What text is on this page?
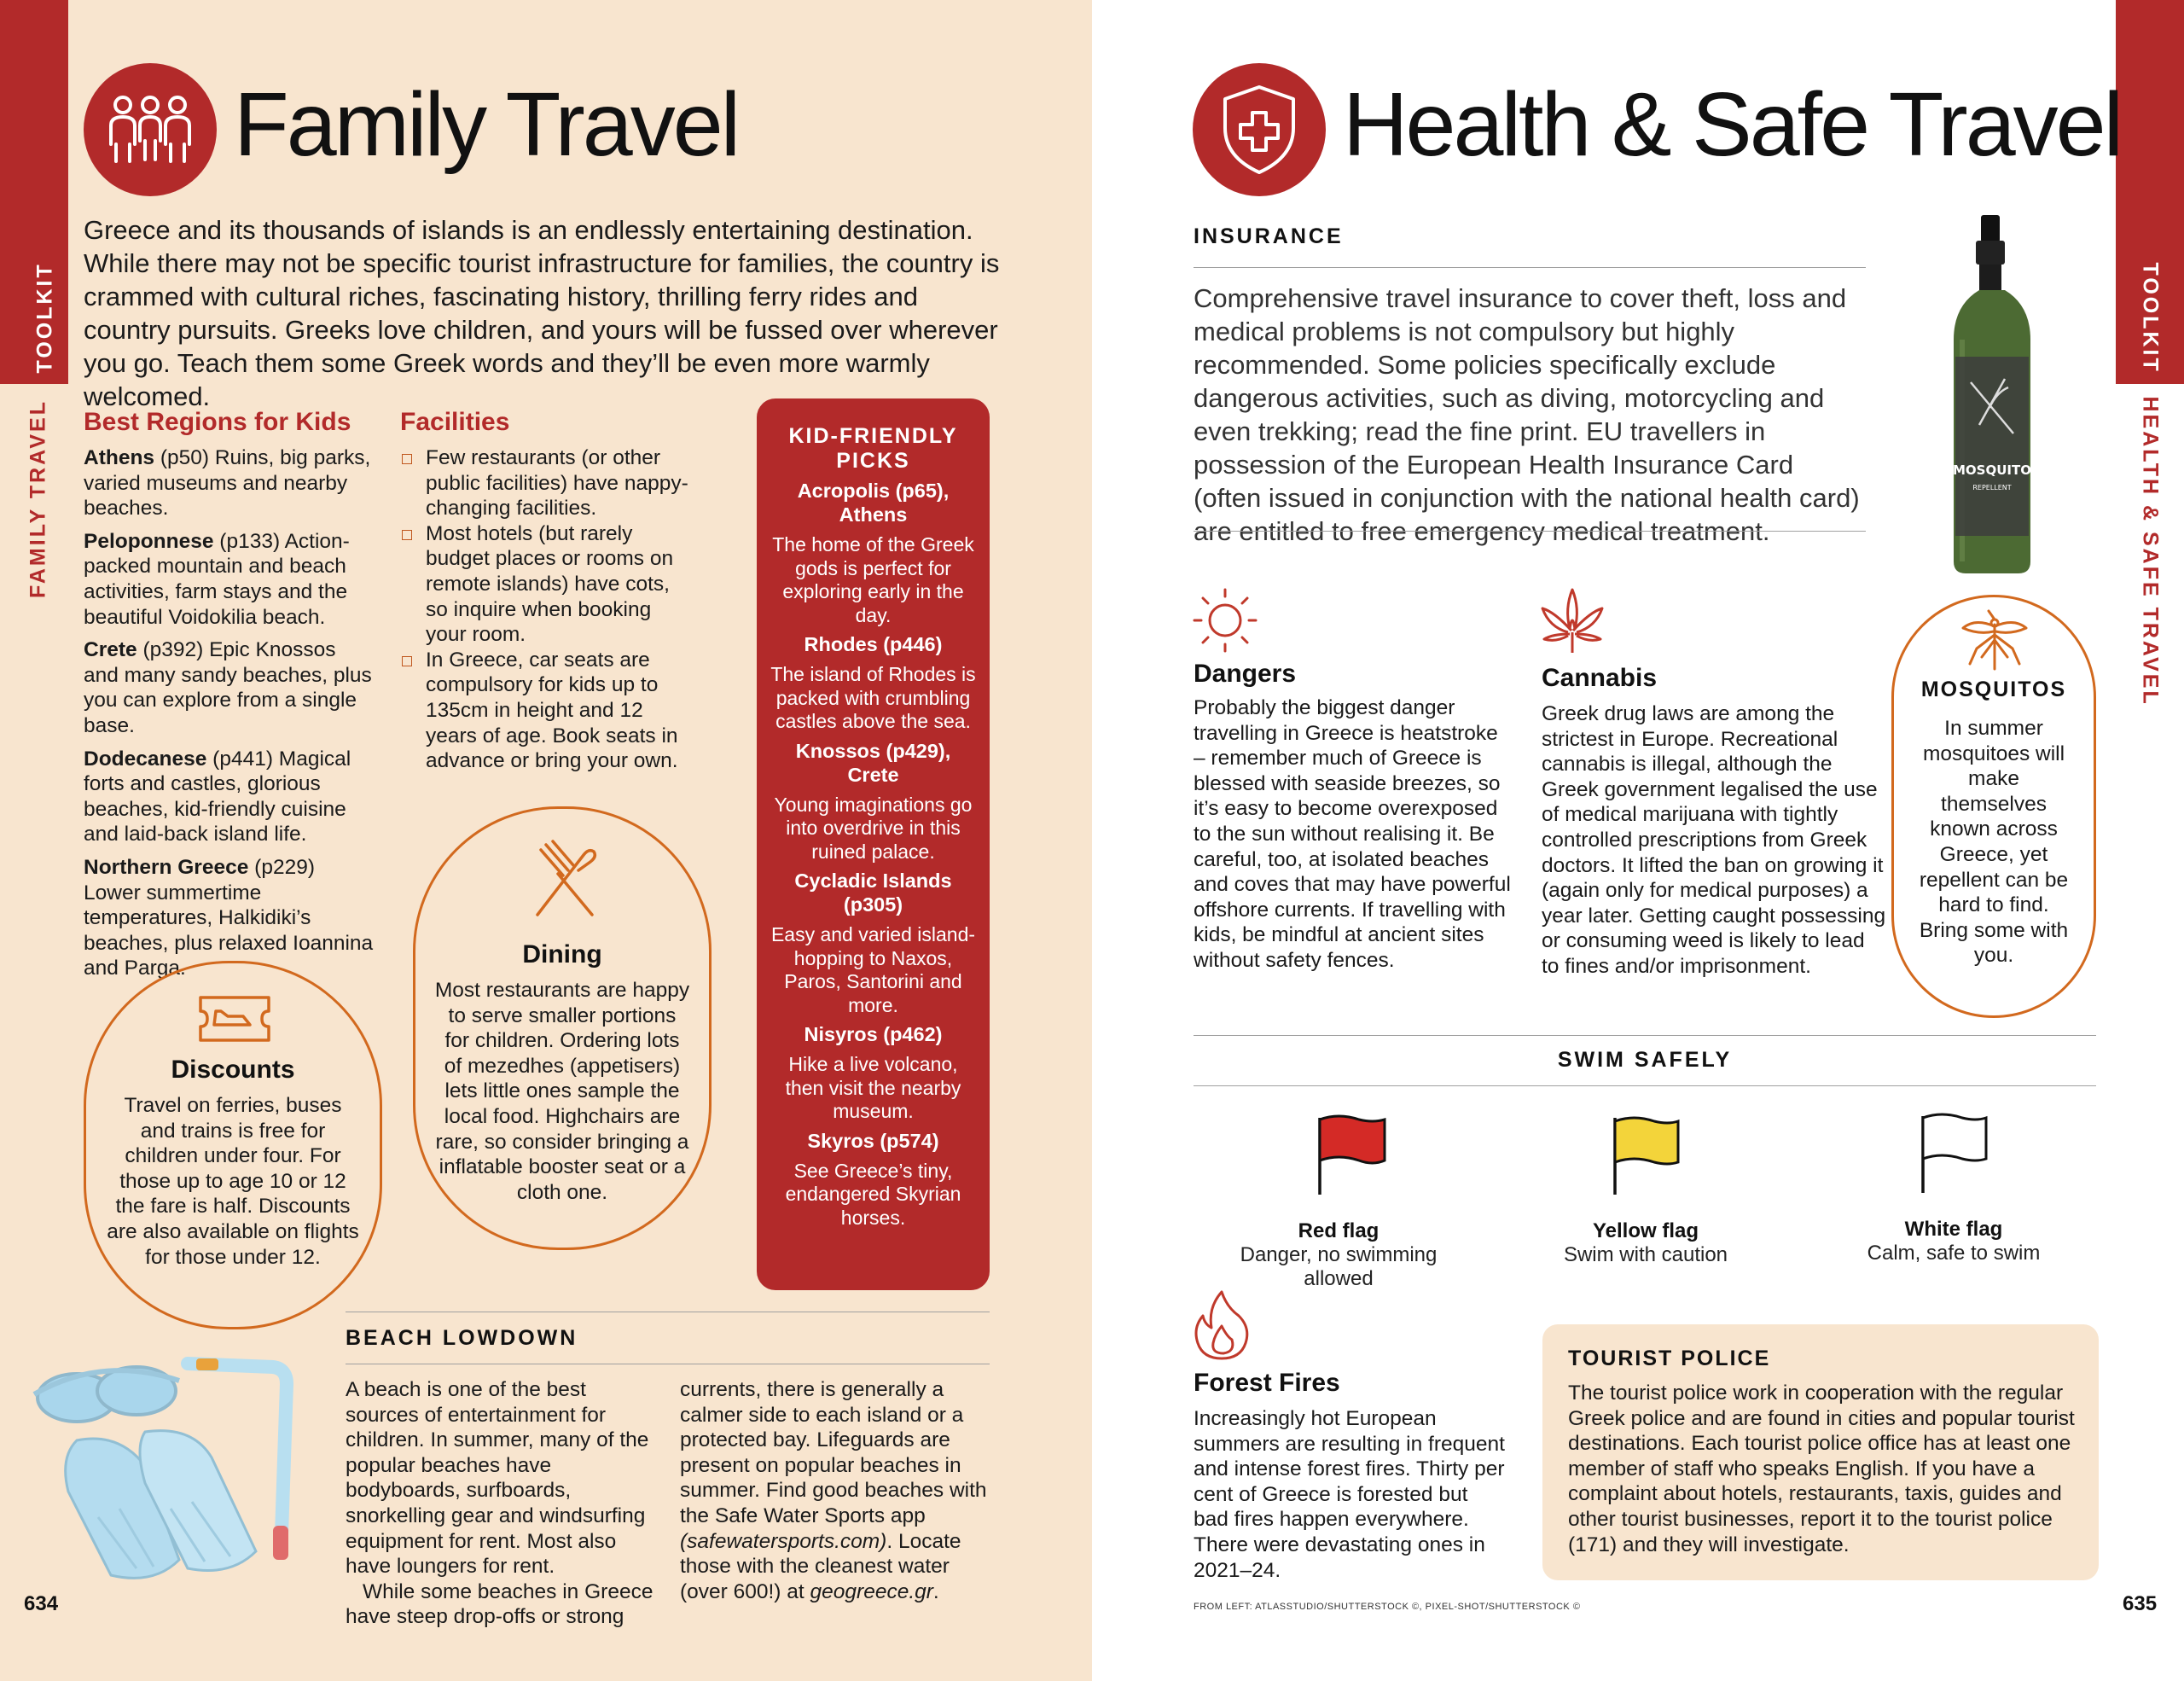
TOOLKIT
FAMILY TRAVEL
Family Travel
Greece and its thousands of islands is an endlessly entertaining destination. While there may not be specific tourist infrastructure for families, the country is crammed with cultural riches, fascinating history, thrilling ferry rides and country pursuits. Greeks love children, and yours will be fussed over wherever you go. Teach them some Greek words and they’ll be even more warmly welcomed.
Best Regions for Kids
Athens (p50) Ruins, big parks, varied museums and nearby beaches.
Peloponnese (p133) Action-packed mountain and beach activities, farm stays and the beautiful Voidokilia beach.
Crete (p392) Epic Knossos and many sandy beaches, plus you can explore from a single base.
Dodecanese (p441) Magical forts and castles, glorious beaches, kid-friendly cuisine and laid-back island life.
Northern Greece (p229) Lower summertime temperatures, Halkidiki’s beaches, plus relaxed Ioannina and Parga.
Facilities
Few restaurants (or other public facilities) have nappy-changing facilities.
Most hotels (but rarely budget places or rooms on remote islands) have cots, so inquire when booking your room.
In Greece, car seats are compulsory for kids up to 135cm in height and 12 years of age. Book seats in advance or bring your own.
KID-FRIENDLY PICKS
Acropolis (p65), Athens
The home of the Greek gods is perfect for exploring early in the day.
Rhodes (p446)
The island of Rhodes is packed with crumbling castles above the sea.
Knossos (p429), Crete
Young imaginations go into overdrive in this ruined palace.
Cycladic Islands (p305)
Easy and varied island-hopping to Naxos, Paros, Santorini and more.
Nisyros (p462)
Hike a live volcano, then visit the nearby museum.
Skyros (p574)
See Greece’s tiny, endangered Skyrian horses.
Dining
Most restaurants are happy to serve smaller portions for children. Ordering lots of mezedhes (appetisers) lets little ones sample the local food. Highchairs are rare, so consider bringing a inflatable booster seat or a cloth one.
Discounts
Travel on ferries, buses and trains is free for children under four. For those up to age 10 or 12 the fare is half. Discounts are also available on flights for those under 12.
BEACH LOWDOWN
A beach is one of the best sources of entertainment for children. In summer, many of the popular beaches have bodyboards, surfboards, snorkelling gear and windsurfing equipment for rent. Most also have loungers for rent.
While some beaches in Greece have steep drop-offs or strong
currents, there is generally a calmer side to each island or a protected bay. Lifeguards are present on popular beaches in summer. Find good beaches with the Safe Water Sports app (safewatersports.com). Locate those with the cleanest water (over 600!) at geogreece.gr.
634
TOOLKIT
HEALTH & SAFE TRAVEL
Health & Safe Travel
INSURANCE
Comprehensive travel insurance to cover theft, loss and medical problems is not compulsory but highly recommended. Some policies specifically exclude dangerous activities, such as diving, motorcycling and even trekking; read the fine print. EU travellers in possession of the European Health Insurance Card (often issued in conjunction with the national health card) are entitled to free emergency medical treatment.
MOSQUITO
REPELLENT
Dangers
Probably the biggest danger travelling in Greece is heatstroke – remember much of Greece is blessed with seaside breezes, so it’s easy to become overexposed to the sun without realising it. Be careful, too, at isolated beaches and coves that may have powerful offshore currents. If travelling with kids, be mindful at ancient sites without safety fences.
Cannabis
Greek drug laws are among the strictest in Europe. Recreational cannabis is illegal, although the Greek government legalised the use of medical marijuana with tightly controlled prescriptions from Greek doctors. It lifted the ban on growing it (again only for medical purposes) a year later. Getting caught possessing or consuming weed is likely to lead to fines and/or imprisonment.
MOSQUITOS
In summer mosquitoes will make themselves known across Greece, yet repellent can be hard to find. Bring some with you.
SWIM SAFELY
Red flag
Danger, no swimming allowed
Yellow flag
Swim with caution
White flag
Calm, safe to swim
Forest Fires
Increasingly hot European summers are resulting in frequent and intense forest fires. Thirty per cent of Greece is forested but bad fires happen everywhere. There were devastating ones in 2021–24.
TOURIST POLICE
The tourist police work in cooperation with the regular Greek police and are found in cities and popular tourist destinations. Each tourist police office has at least one member of staff who speaks English. If you have a complaint about hotels, restaurants, taxis, guides and other tourist businesses, report it to the tourist police (171) and they will investigate.
FROM LEFT: ATLASSTUDIO/SHUTTERSTOCK ©, PIXEL-SHOT/SHUTTERSTOCK ©	635
